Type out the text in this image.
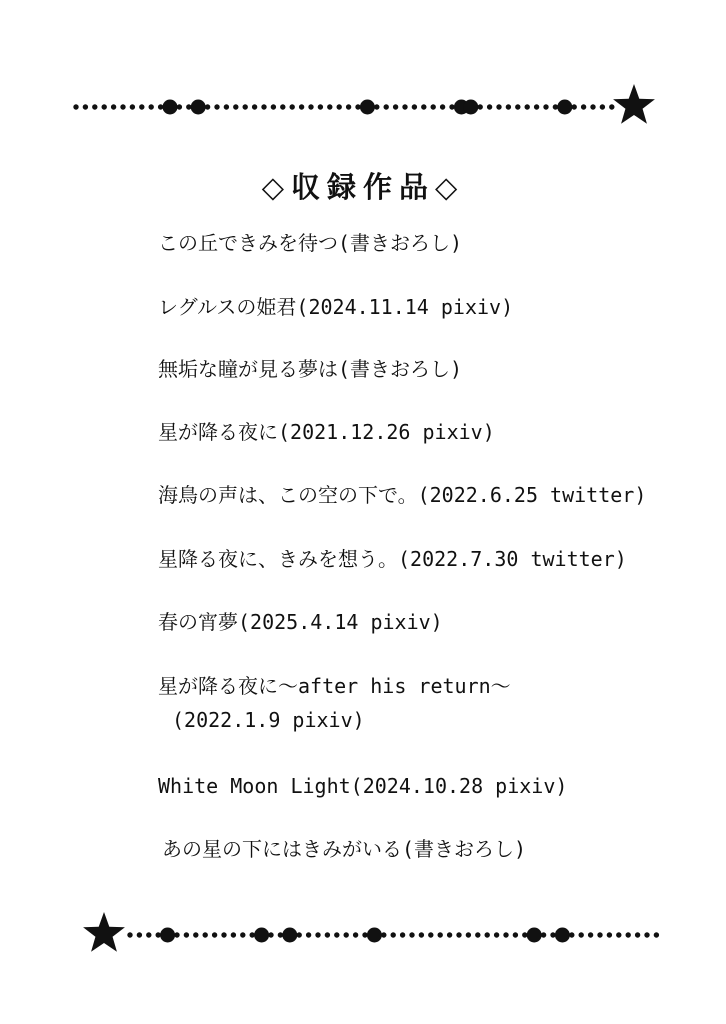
◇収録作品◇
この丘できみを待つ(書きおろし)
レグルスの姫君(2024.11.14 pixiv)
無垢な瞳が見る夢は(書きおろし)
星が降る夜に(2021.12.26 pixiv)
海鳥の声は、この空の下で。(2022.6.25 twitter)
星降る夜に、きみを想う。(2022.7.30 twitter)
春の宵夢(2025.4.14 pixiv)
星が降る夜に～after his return～
(2022.1.9 pixiv)
White Moon Light(2024.10.28 pixiv)
あの星の下にはきみがいる(書きおろし)
